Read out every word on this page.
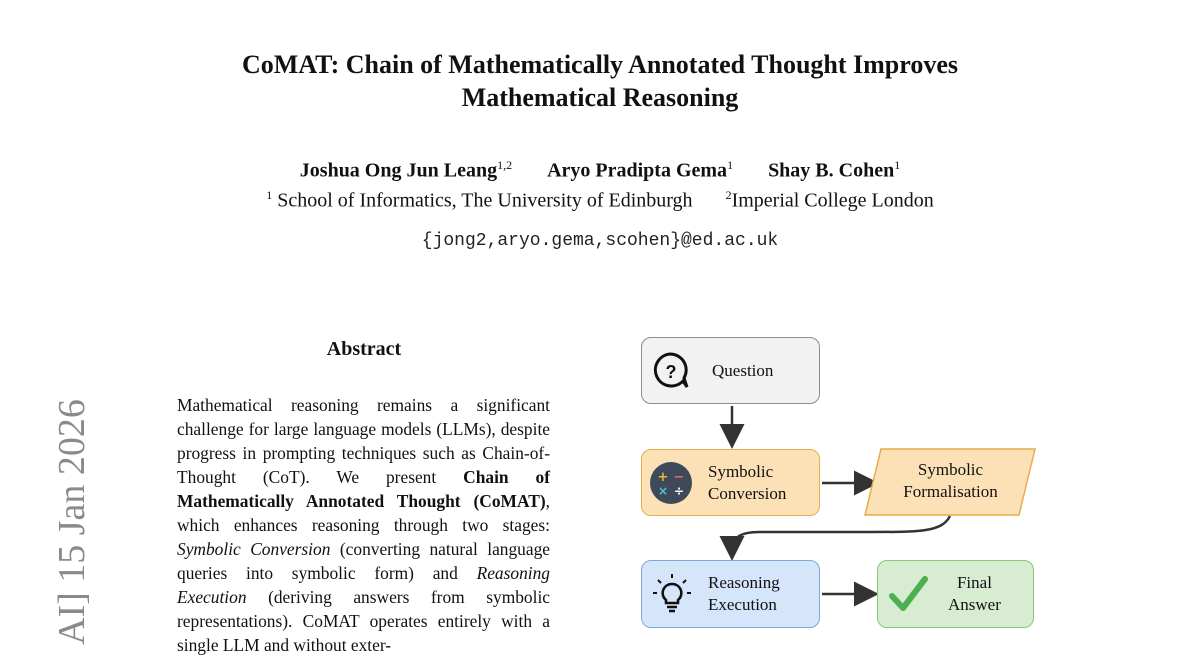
CoMAT: Chain of Mathematically Annotated Thought Improves
Mathematical Reasoning
Joshua Ong Jun Leang$^{1,2}$ Aryo Pradipta Gema$^1$ Shay B. Cohen$^1$
$^1$ School of Informatics, The University of Edinburgh	$^2$Imperial College London
{jong2,aryo.gema,scohen}@ed.ac.uk
AI] 15 Jan 2026
Abstract
Mathematical reasoning remains a significant challenge for large language models (LLMs), despite progress in prompting techniques such as Chain-of-Thought (CoT). We present Chain of Mathematically Annotated Thought (CoMAT), which enhances reasoning through two stages: Symbolic Conversion (converting natural language queries into symbolic form) and Reasoning Execution (deriving answers from symbolic representations). CoMAT operates entirely with a single LLM and without exter-
? Question
+ −
× ÷
Symbolic
Conversion
Symbolic
Formalisation
Reasoning
Execution
Final
Answer
